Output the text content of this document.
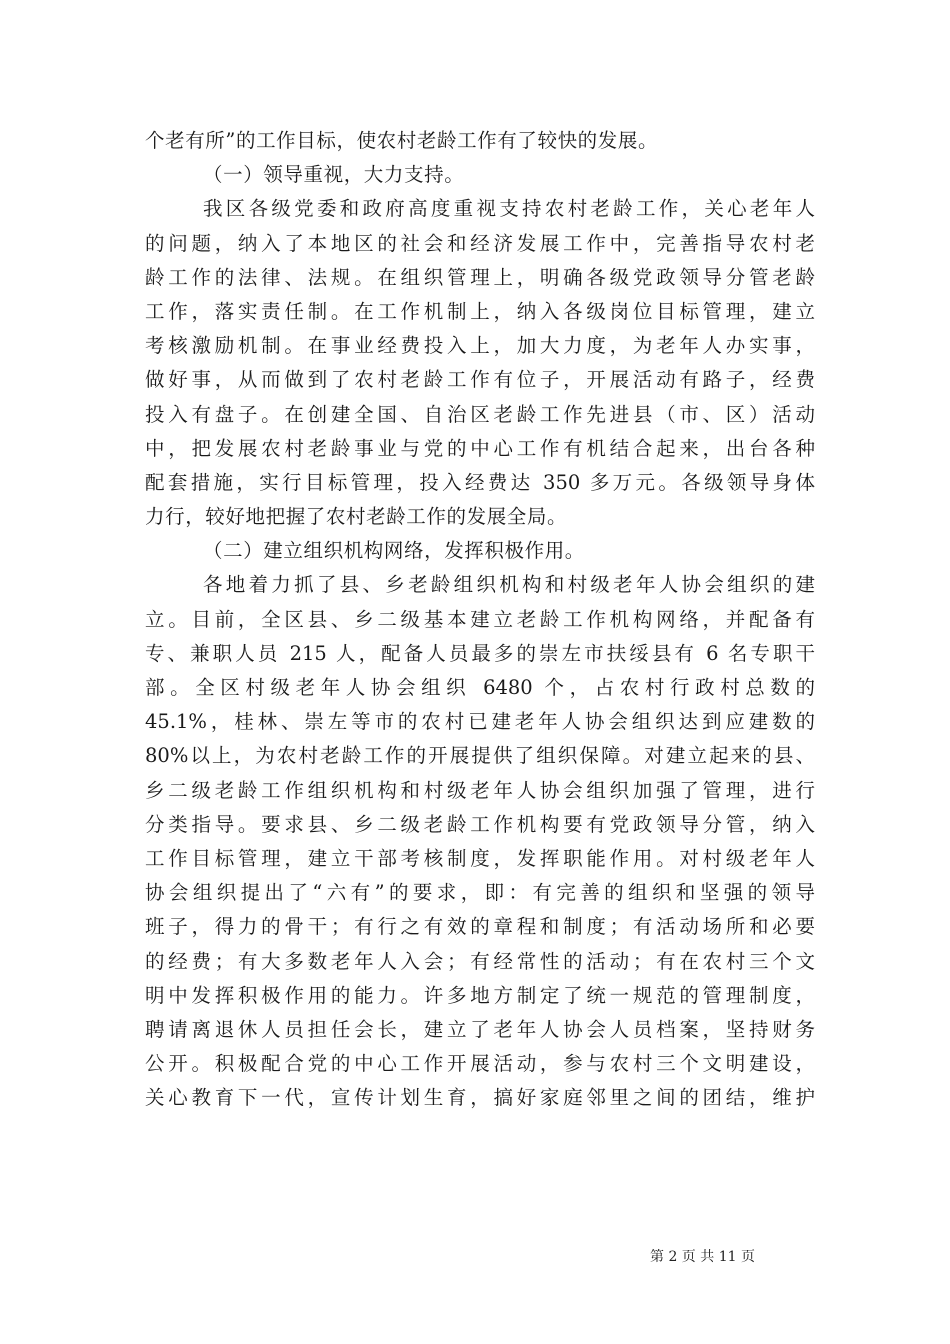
个老有所”的工作目标，使农村老龄工作有了较快的发展。
（一）领导重视，大力支持。
我区各级党委和政府高度重视支持农村老龄工作，关心老年人
的问题，纳入了本地区的社会和经济发展工作中，完善指导农村老
龄工作的法律、法规。在组织管理上，明确各级党政领导分管老龄
工作，落实责任制。在工作机制上，纳入各级岗位目标管理，建立
考核激励机制。在事业经费投入上，加大力度，为老年人办实事，
做好事，从而做到了农村老龄工作有位子，开展活动有路子，经费
投入有盘子。在创建全国、自治区老龄工作先进县（市、区）活动
中，把发展农村老龄事业与党的中心工作有机结合起来，出台各种
配套措施，实行目标管理，投入经费达 350 多万元。各级领导身体
力行，较好地把握了农村老龄工作的发展全局。
（二）建立组织机构网络，发挥积极作用。
各地着力抓了县、乡老龄组织机构和村级老年人协会组织的建
立。目前，全区县、乡二级基本建立老龄工作机构网络，并配备有
专、兼职人员 215 人，配备人员最多的崇左市扶绥县有 6 名专职干
部。全区村级老年人协会组织 6480 个，占农村行政村总数的
45.1%，桂林、崇左等市的农村已建老年人协会组织达到应建数的
80%以上，为农村老龄工作的开展提供了组织保障。对建立起来的县、
乡二级老龄工作组织机构和村级老年人协会组织加强了管理，进行
分类指导。要求县、乡二级老龄工作机构要有党政领导分管，纳入
工作目标管理，建立干部考核制度，发挥职能作用。对村级老年人
协会组织提出了“六有”的要求，即：有完善的组织和坚强的领导
班子，得力的骨干；有行之有效的章程和制度；有活动场所和必要
的经费；有大多数老年人入会；有经常性的活动；有在农村三个文
明中发挥积极作用的能力。许多地方制定了统一规范的管理制度，
聘请离退休人员担任会长，建立了老年人协会人员档案，坚持财务
公开。积极配合党的中心工作开展活动，参与农村三个文明建设，
关心教育下一代，宣传计划生育，搞好家庭邻里之间的团结，维护
第 2 页 共 11 页
